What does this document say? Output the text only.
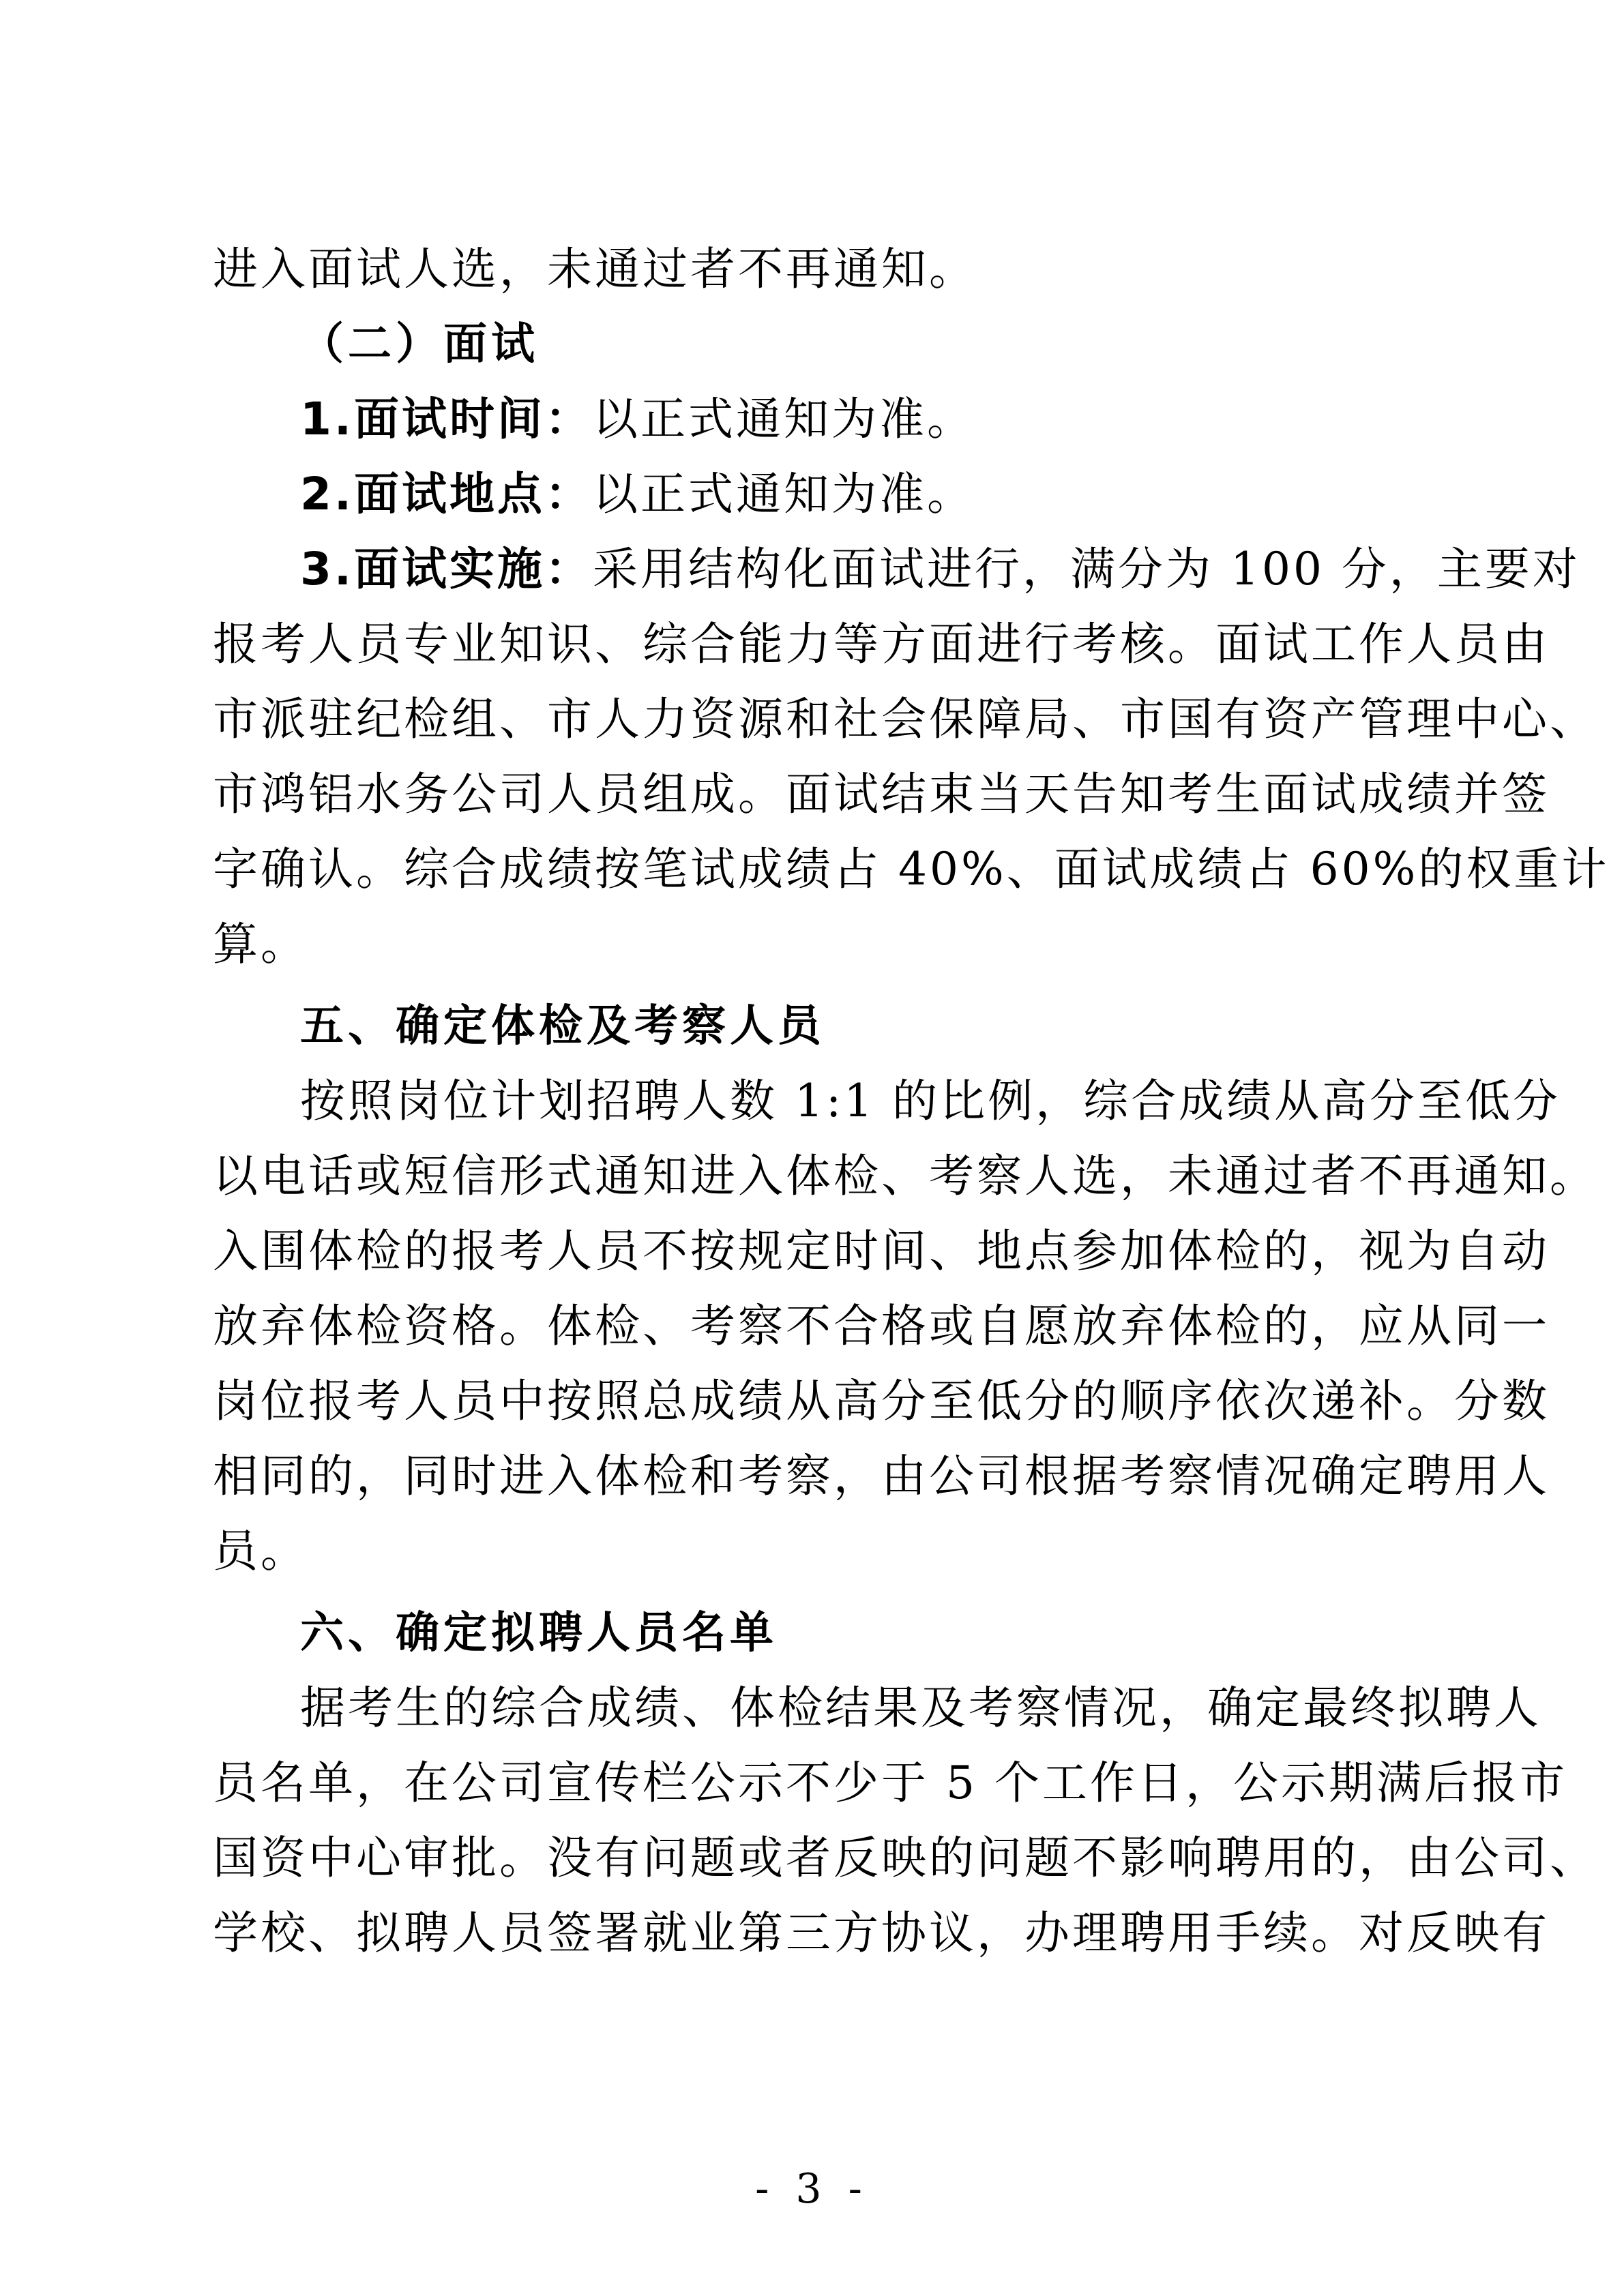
进入面试人选，未通过者不再通知。
（二）面试
1.面试时间：以正式通知为准。
2.面试地点：以正式通知为准。
3.面试实施：采用结构化面试进行，满分为 100 分，主要对
报考人员专业知识、综合能力等方面进行考核。面试工作人员由
市派驻纪检组、市人力资源和社会保障局、市国有资产管理中心、
市鸿铝水务公司人员组成。面试结束当天告知考生面试成绩并签
字确认。综合成绩按笔试成绩占 40%、面试成绩占 60%的权重计
算。
五、确定体检及考察人员
按照岗位计划招聘人数 1:1 的比例，综合成绩从高分至低分
以电话或短信形式通知进入体检、考察人选，未通过者不再通知。
入围体检的报考人员不按规定时间、地点参加体检的，视为自动
放弃体检资格。体检、考察不合格或自愿放弃体检的，应从同一
岗位报考人员中按照总成绩从高分至低分的顺序依次递补。分数
相同的，同时进入体检和考察，由公司根据考察情况确定聘用人
员。
六、确定拟聘人员名单
据考生的综合成绩、体检结果及考察情况，确定最终拟聘人
员名单，在公司宣传栏公示不少于 5 个工作日，公示期满后报市
国资中心审批。没有问题或者反映的问题不影响聘用的，由公司、
学校、拟聘人员签署就业第三方协议，办理聘用手续。对反映有
- 3 -
